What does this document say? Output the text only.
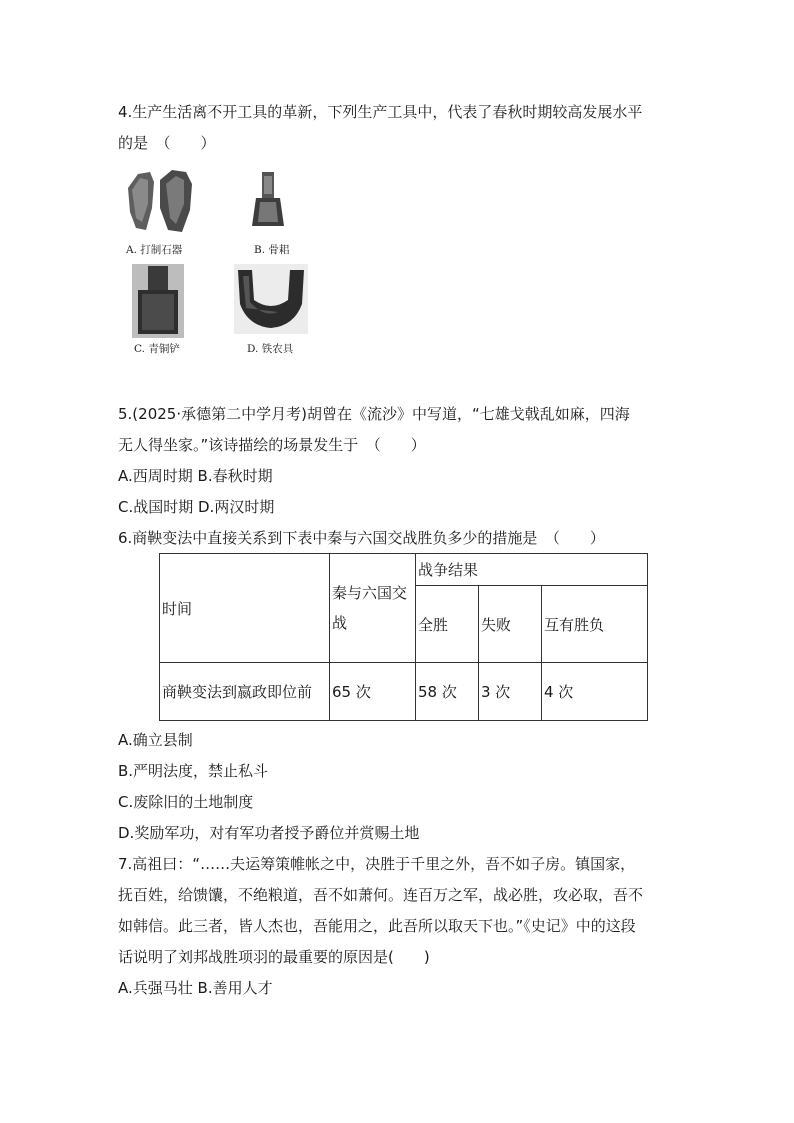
4.生产生活离不开工具的革新，下列生产工具中，代表了春秋时期较高发展水平
的是　（　　）
A. 打制石器	B. 骨耜
C. 青铜铲	D. 铁农具
5.(2025·承德第二中学月考)胡曾在《流沙》中写道，“七雄戈戟乱如麻，四海
无人得坐家。”该诗描绘的场景发生于　（　　）
A.西周时期 B.春秋时期
C.战国时期 D.两汉时期
6.商鞅变法中直接关系到下表中秦与六国交战胜负多少的措施是　（　　）
时间	秦与六国交战	战争结果		
		全胜	失败	互有胜负
商鞅变法到嬴政即位前	65 次	58 次	3 次	4 次
A.确立县制
B.严明法度，禁止私斗
C.废除旧的土地制度
D.奖励军功，对有军功者授予爵位并赏赐土地
7.高祖曰：“……夫运筹策帷帐之中，决胜于千里之外，吾不如子房。镇国家，
抚百姓，给馈馕，不绝粮道，吾不如萧何。连百万之军，战必胜，攻必取，吾不
如韩信。此三者，皆人杰也，吾能用之，此吾所以取天下也。”《史记》中的这段
话说明了刘邦战胜项羽的最重要的原因是(　　)
A.兵强马壮 B.善用人才
